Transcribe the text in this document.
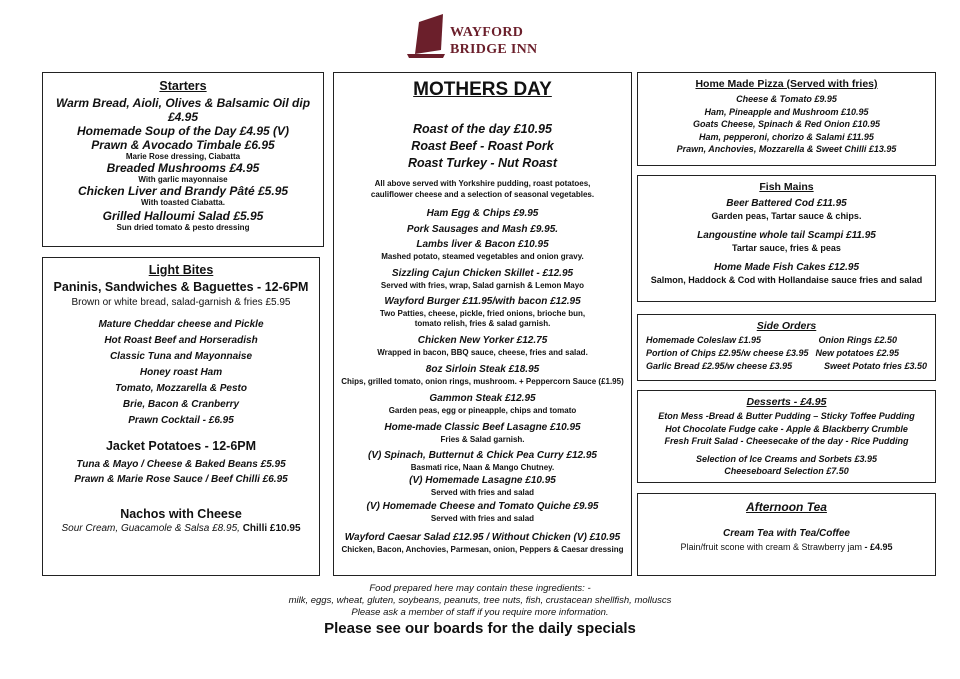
WAYFORD
BRIDGE INN

Starters

Warm Bread, Aioli, Olives & Balsamic Oil dip £4.95

Homemade Soup of the Day £4.95 (V)

Prawn & Avocado Timbale £6.95

Marie Rose dressing, Ciabatta

Breaded Mushrooms £4.95

With garlic mayonnaise

Chicken Liver and Brandy Pâté £5.95

With toasted Ciabatta.

Grilled Halloumi Salad £5.95

Sun dried tomato & pesto dressing

Light Bites

Paninis, Sandwiches & Baguettes - 12-6PM

Brown or white bread, salad-garnish & fries £5.95

Mature Cheddar cheese and Pickle

Hot Roast Beef and Horseradish

Classic Tuna and Mayonnaise

Honey roast Ham

Tomato, Mozzarella & Pesto

Brie, Bacon & Cranberry

Prawn Cocktail - £6.95

Jacket Potatoes - 12-6PM

Tuna & Mayo / Cheese & Baked Beans £5.95

Prawn & Marie Rose Sauce / Beef Chilli £6.95

Nachos with Cheese

Sour Cream, Guacamole & Salsa £8.95, Chilli £10.95

MOTHERS DAY

Roast of the day £10.95

Roast Beef - Roast Pork

Roast Turkey - Nut Roast

All above served with Yorkshire pudding, roast potatoes, cauliflower cheese and a selection of seasonal vegetables.

Ham Egg & Chips £9.95

Pork Sausages and Mash £9.95.

Lambs liver & Bacon £10.95

Mashed potato, steamed vegetables and onion gravy.

Sizzling Cajun Chicken Skillet - £12.95

Served with fries, wrap, Salad garnish & Lemon Mayo

Wayford Burger £11.95/with bacon £12.95

Two Patties, cheese, pickle, fried onions, brioche bun, tomato relish, fries & salad garnish.

Chicken New Yorker £12.75

Wrapped in bacon, BBQ sauce, cheese, fries and salad.

8oz Sirloin Steak £18.95

Chips, grilled tomato, onion rings, mushroom. + Peppercorn Sauce (£1.95)

Gammon Steak £12.95

Garden peas, egg or pineapple, chips and tomato

Home-made Classic Beef Lasagne £10.95

Fries & Salad garnish.

(V) Spinach, Butternut & Chick Pea Curry £12.95

Basmati rice, Naan & Mango Chutney.

(V) Homemade Lasagne £10.95

Served with fries and salad

(V) Homemade Cheese and Tomato Quiche £9.95

Served with fries and salad

Wayford Caesar Salad £12.95 / Without Chicken (V) £10.95

Chicken, Bacon, Anchovies, Parmesan, onion, Peppers & Caesar dressing

Home Made Pizza (Served with fries)

Cheese & Tomato £9.95

Ham, Pineapple and Mushroom £10.95

Goats Cheese, Spinach & Red Onion £10.95

Ham, pepperoni, chorizo & Salami £11.95

Prawn, Anchovies, Mozzarella & Sweet Chilli £13.95

Fish Mains

Beer Battered Cod £11.95

Garden peas, Tartar sauce & chips.

Langoustine whole tail Scampi £11.95

Tartar sauce, fries & peas

Home Made Fish Cakes £12.95

Salmon, Haddock & Cod with Hollandaise sauce fries and salad

Side Orders

Homemade Coleslaw £1.95	Onion Rings £2.50
Portion of Chips £2.95/w cheese £3.95 New potatoes £2.95
Garlic Bread £2.95/w cheese £3.95	Sweet Potato fries £3.50

Desserts - £4.95

Eton Mess -Bread & Butter Pudding – Sticky Toffee Pudding

Hot Chocolate Fudge cake - Apple & Blackberry Crumble

Fresh Fruit Salad - Cheesecake of the day - Rice Pudding

Selection of Ice Creams and Sorbets £3.95

Cheeseboard Selection £7.50

Afternoon Tea

Cream Tea with Tea/Coffee

Plain/fruit scone with cream & Strawberry jam - £4.95

Food prepared here may contain these ingredients: -

milk, eggs, wheat, gluten, soybeans, peanuts, tree nuts, fish, crustacean shellfish, molluscs

Please ask a member of staff if you require more information.

Please see our boards for the daily specials
